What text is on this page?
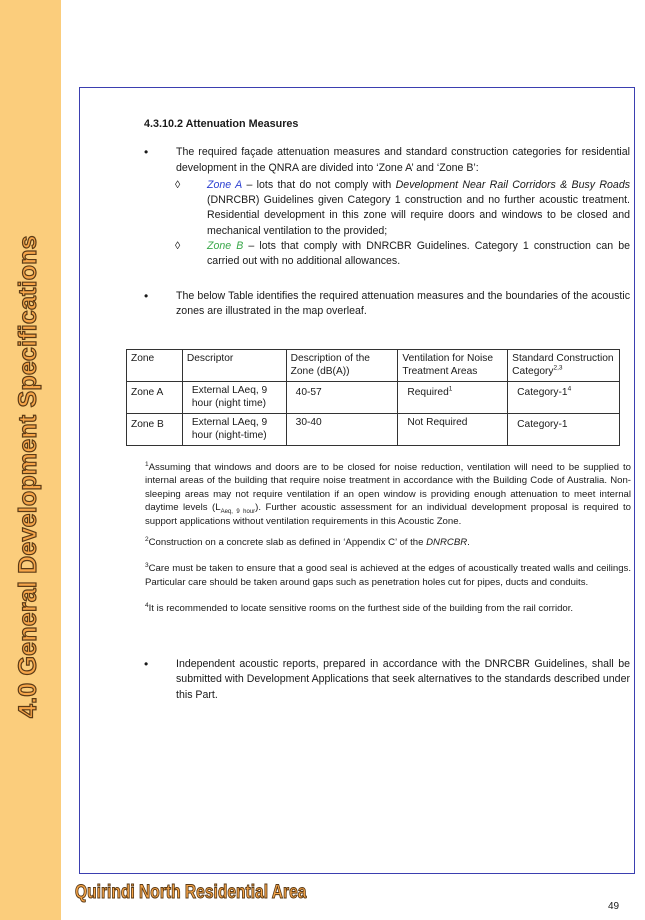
4.0 General Development Specifications
4.3.10.2 Attenuation Measures
•	The required façade attenuation measures and standard construction categories for residential development in the QNRA are divided into ‘Zone A’ and ‘Zone B’:
◊	Zone A – lots that do not comply with Development Near Rail Corridors & Busy Roads (DNRCBR) Guidelines given Category 1 construction and no further acoustic treatment. Residential development in this zone will require doors and windows to be closed and mechanical ventilation to the provided;
◊	Zone B – lots that comply with DNRCBR Guidelines. Category 1 construction can be carried out with no additional allowances.
•	The below Table identifies the required attenuation measures and the boundaries of the acoustic zones are illustrated in the map overleaf.
Zone	Descriptor	Description of the Zone (dB(A))	Ventilation for Noise Treatment Areas	Standard Construction Category$^{2,3}$
Zone A	External LAeq, 9 hour (night time)	40-57	Required$^1$	Category-$1^4$
Zone B	External LAeq, 9 hour (night-time)	30-40	Not Required	Category-1

$^1$Assuming that windows and doors are to be closed for noise reduction, ventilation will need to be supplied to internal areas of the building that require noise treatment in accordance with the Building Code of Australia. Non-sleeping areas may not require ventilation if an open window is providing enough attenuation to meet internal daytime levels $(L_{Aeq, 9 hour})$. Further acoustic assessment for an individual development proposal is required to support applications without ventilation requirements in this Acoustic Zone.

$^2$Construction on a concrete slab as defined in ‘Appendix C’ of the DNRCBR.

$^3$Care must be taken to ensure that a good seal is achieved at the edges of acoustically treated walls and ceilings. Particular care should be taken around gaps such as penetration holes cut for pipes, ducts and conduits.

$^4$It is recommended to locate sensitive rooms on the furthest side of the building from the rail corridor.

•	Independent acoustic reports, prepared in accordance with the DNRCBR Guidelines, shall be submitted with Development Applications that seek alternatives to the standards described under this Part.
Quirindi North Residential Area
49
